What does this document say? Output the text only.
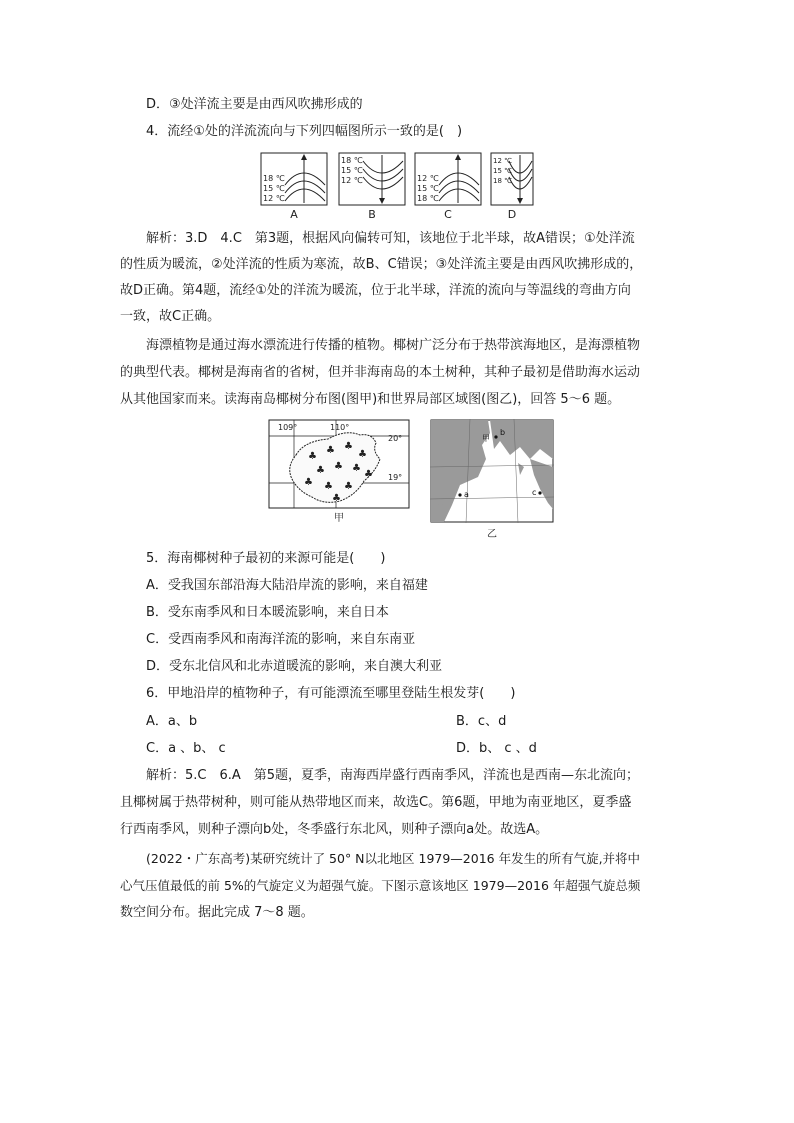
D．③处洋流主要是由西风吹拂形成的
4．流经①处的洋流流向与下列四幅图所示一致的是(　)
18 ℃
15 ℃
12 ℃
18 ℃
15 ℃
12 ℃	12 ℃
15 ℃
18 ℃
12 ℃
15 ℃
18 ℃
A	B	C	D
解析：3.D　4.C　第3题，根据风向偏转可知，该地位于北半球，故A错误；①处洋流
的性质为暖流，②处洋流的性质为寒流，故B、C错误；③处洋流主要是由西风吹拂形成的，
故D正确。第4题，流经①处的洋流为暖流，位于北半球，洋流的流向与等温线的弯曲方向
一致，故C正确。
海漂植物是通过海水漂流进行传播的植物。椰树广泛分布于热带滨海地区，是海漂植物
的典型代表。椰树是海南省的省树，但并非海南岛的本土树种，其种子最初是借助海水运动
从其他国家而来。读海南岛椰树分布图(图甲)和世界局部区域图(图乙)，回答 5～6 题。
♣
♣ ♣
♣
♣ ♣ ♣
♣ ♣ ♣
♣
♣
109°	110°
20°
19°
甲
甲
b
a	c
乙
5．海南椰树种子最初的来源可能是(　　)
A．受我国东部沿海大陆沿岸流的影响，来自福建
B．受东南季风和日本暖流影响，来自日本
C．受西南季风和南海洋流的影响，来自东南亚
D．受东北信风和北赤道暖流的影响，来自澳大利亚
6．甲地沿岸的植物种子，有可能漂流至哪里登陆生根发芽(　　)
A．a、b	B．c、d
C．a 、b、 c	D．b、 c 、d
解析：5.C　6.A　第5题，夏季，南海西岸盛行西南季风，洋流也是西南—东北流向；
且椰树属于热带树种，则可能从热带地区而来，故选C。第6题，甲地为南亚地区，夏季盛
行西南季风，则种子漂向b处，冬季盛行东北风，则种子漂向a处。故选A。
(2022・广东高考)某研究统计了 50° N以北地区 1979—2016 年发生的所有气旋,并将中
心气压值最低的前 5%的气旋定义为超强气旋。下图示意该地区 1979—2016 年超强气旋总频
数空间分布。据此完成 7～8 题。
